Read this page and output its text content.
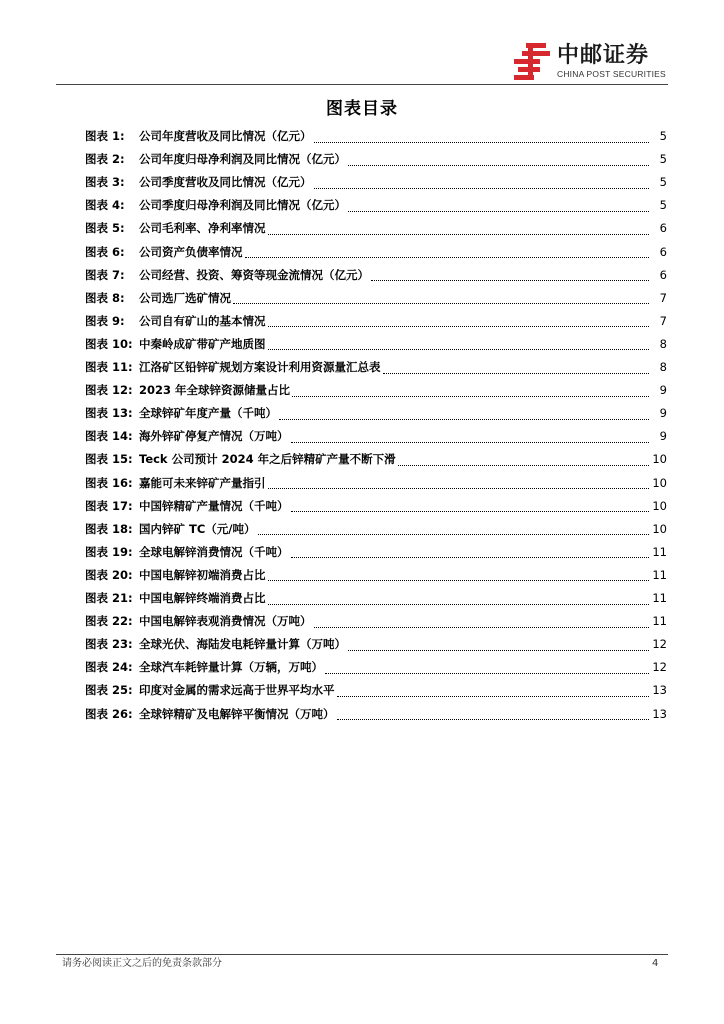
中邮证券
CHINA POST SECURITIES
图表目录
图表 1:	公司年度营收及同比情况（亿元）	5
图表 2:	公司年度归母净利润及同比情况（亿元）	5
图表 3:	公司季度营收及同比情况（亿元）	5
图表 4:	公司季度归母净利润及同比情况（亿元）	5
图表 5:	公司毛利率、净利率情况	6
图表 6:	公司资产负债率情况	6
图表 7:	公司经营、投资、筹资等现金流情况（亿元）	6
图表 8:	公司选厂选矿情况	7
图表 9:	公司自有矿山的基本情况	7
图表 10: 中秦岭成矿带矿产地质图	8
图表 11: 江洛矿区铅锌矿规划方案设计利用资源量汇总表	8
图表 12: 2023 年全球锌资源储量占比	9
图表 13: 全球锌矿年度产量（千吨）	9
图表 14: 海外锌矿停复产情况（万吨）	9
图表 15: Teck 公司预计 2024 年之后锌精矿产量不断下滑	10
图表 16: 嘉能可未来锌矿产量指引	10
图表 17: 中国锌精矿产量情况（千吨）	10
图表 18: 国内锌矿 TC（元/吨）	10
图表 19: 全球电解锌消费情况（千吨）	11
图表 20: 中国电解锌初端消费占比	11
图表 21: 中国电解锌终端消费占比	11
图表 22: 中国电解锌表观消费情况（万吨）	11
图表 23: 全球光伏、海陆发电耗锌量计算（万吨）	12
图表 24: 全球汽车耗锌量计算（万辆，万吨）	12
图表 25: 印度对金属的需求远高于世界平均水平	13
图表 26: 全球锌精矿及电解锌平衡情况（万吨）	13
请务必阅读正文之后的免责条款部分	4
